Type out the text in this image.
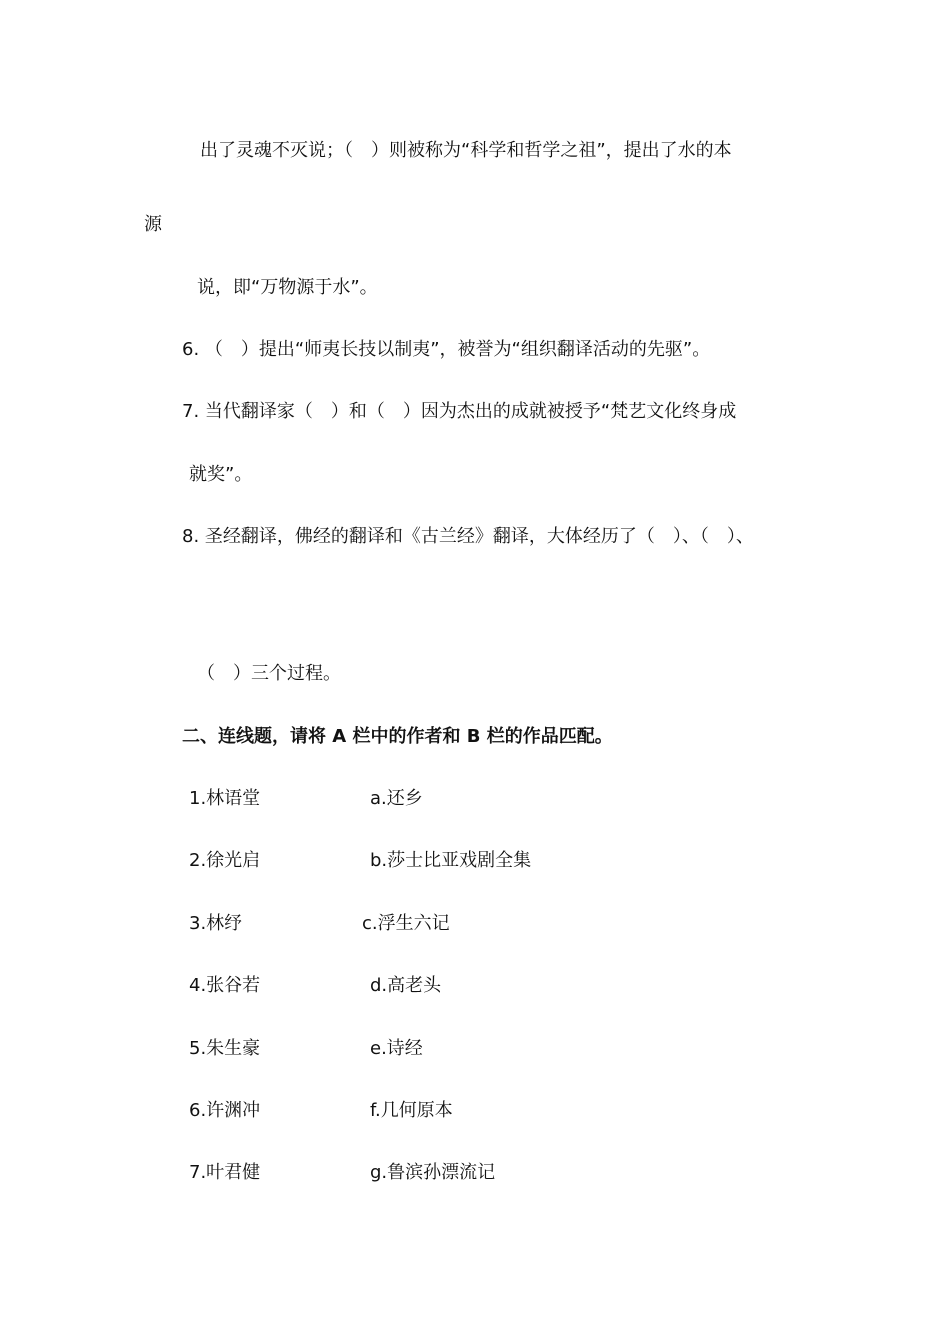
出了灵魂不灭说；（　）则被称为“科学和哲学之祖”，提出了水的本
源
说，即“万物源于水”。
6. （　）提出“师夷长技以制夷”，被誉为“组织翻译活动的先驱”。
7. 当代翻译家（　）和（　）因为杰出的成就被授予“梵艺文化终身成
就奖”。
8. 圣经翻译，佛经的翻译和《古兰经》翻译，大体经历了（　）、（　）、
（　）三个过程。
二、连线题，请将 A 栏中的作者和 B 栏的作品匹配。
1.林语堂	a.还乡
2.徐光启	b.莎士比亚戏剧全集
3.林纾	c.浮生六记
4.张谷若	d.高老头
5.朱生豪	e.诗经
6.许渊冲	f.几何原本
7.叶君健	g.鲁滨孙漂流记
